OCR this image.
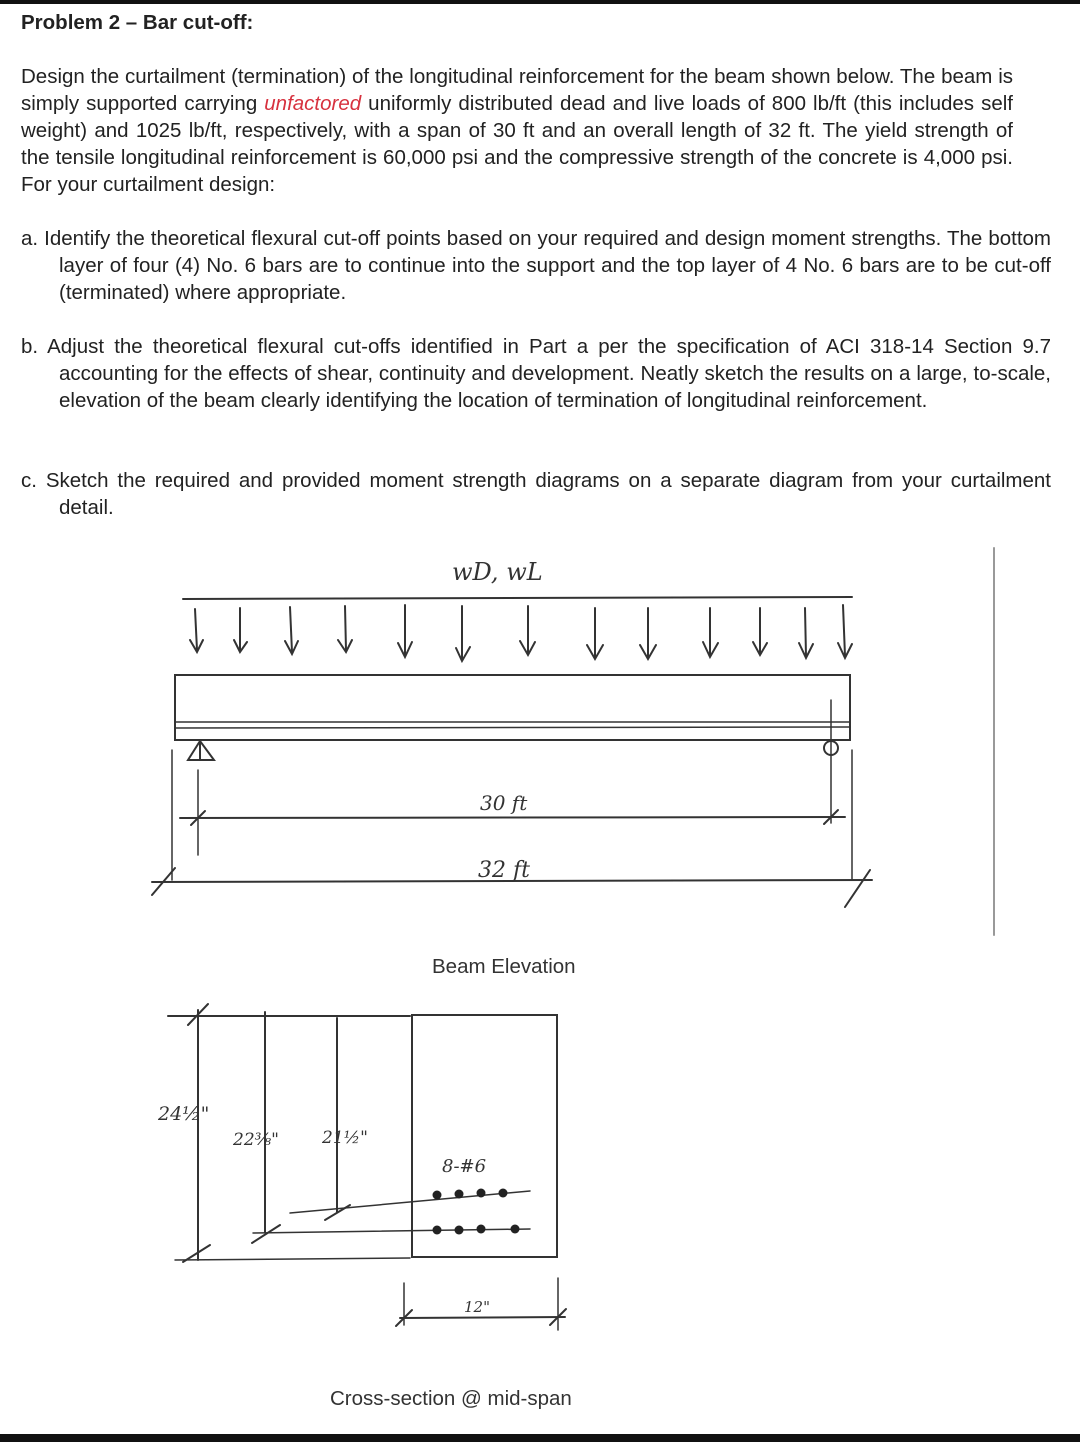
Problem 2 – Bar cut-off:
Design the curtailment (termination) of the longitudinal reinforcement for the beam shown below. The beam is simply supported carrying unfactored uniformly distributed dead and live loads of 800 lb/ft (this includes self weight) and 1025 lb/ft, respectively, with a span of 30 ft and an overall length of 32 ft. The yield strength of the tensile longitudinal reinforcement is 60,000 psi and the compressive strength of the concrete is 4,000 psi. For your curtailment design:
a. Identify the theoretical flexural cut-off points based on your required and design moment strengths. The bottom layer of four (4) No. 6 bars are to continue into the support and the top layer of 4 No. 6 bars are to be cut-off (terminated) where appropriate.
b. Adjust the theoretical flexural cut-offs identified in Part a per the specification of ACI 318-14 Section 9.7 accounting for the effects of shear, continuity and development. Neatly sketch the results on a large, to-scale, elevation of the beam clearly identifying the location of termination of longitudinal reinforcement.
c. Sketch the required and provided moment strength diagrams on a separate diagram from your curtailment detail.
wD, wL
30 ft
32 ft
24½"
22⅜"	21½"
8-#6
12"
Beam Elevation
Cross-section @ mid-span
